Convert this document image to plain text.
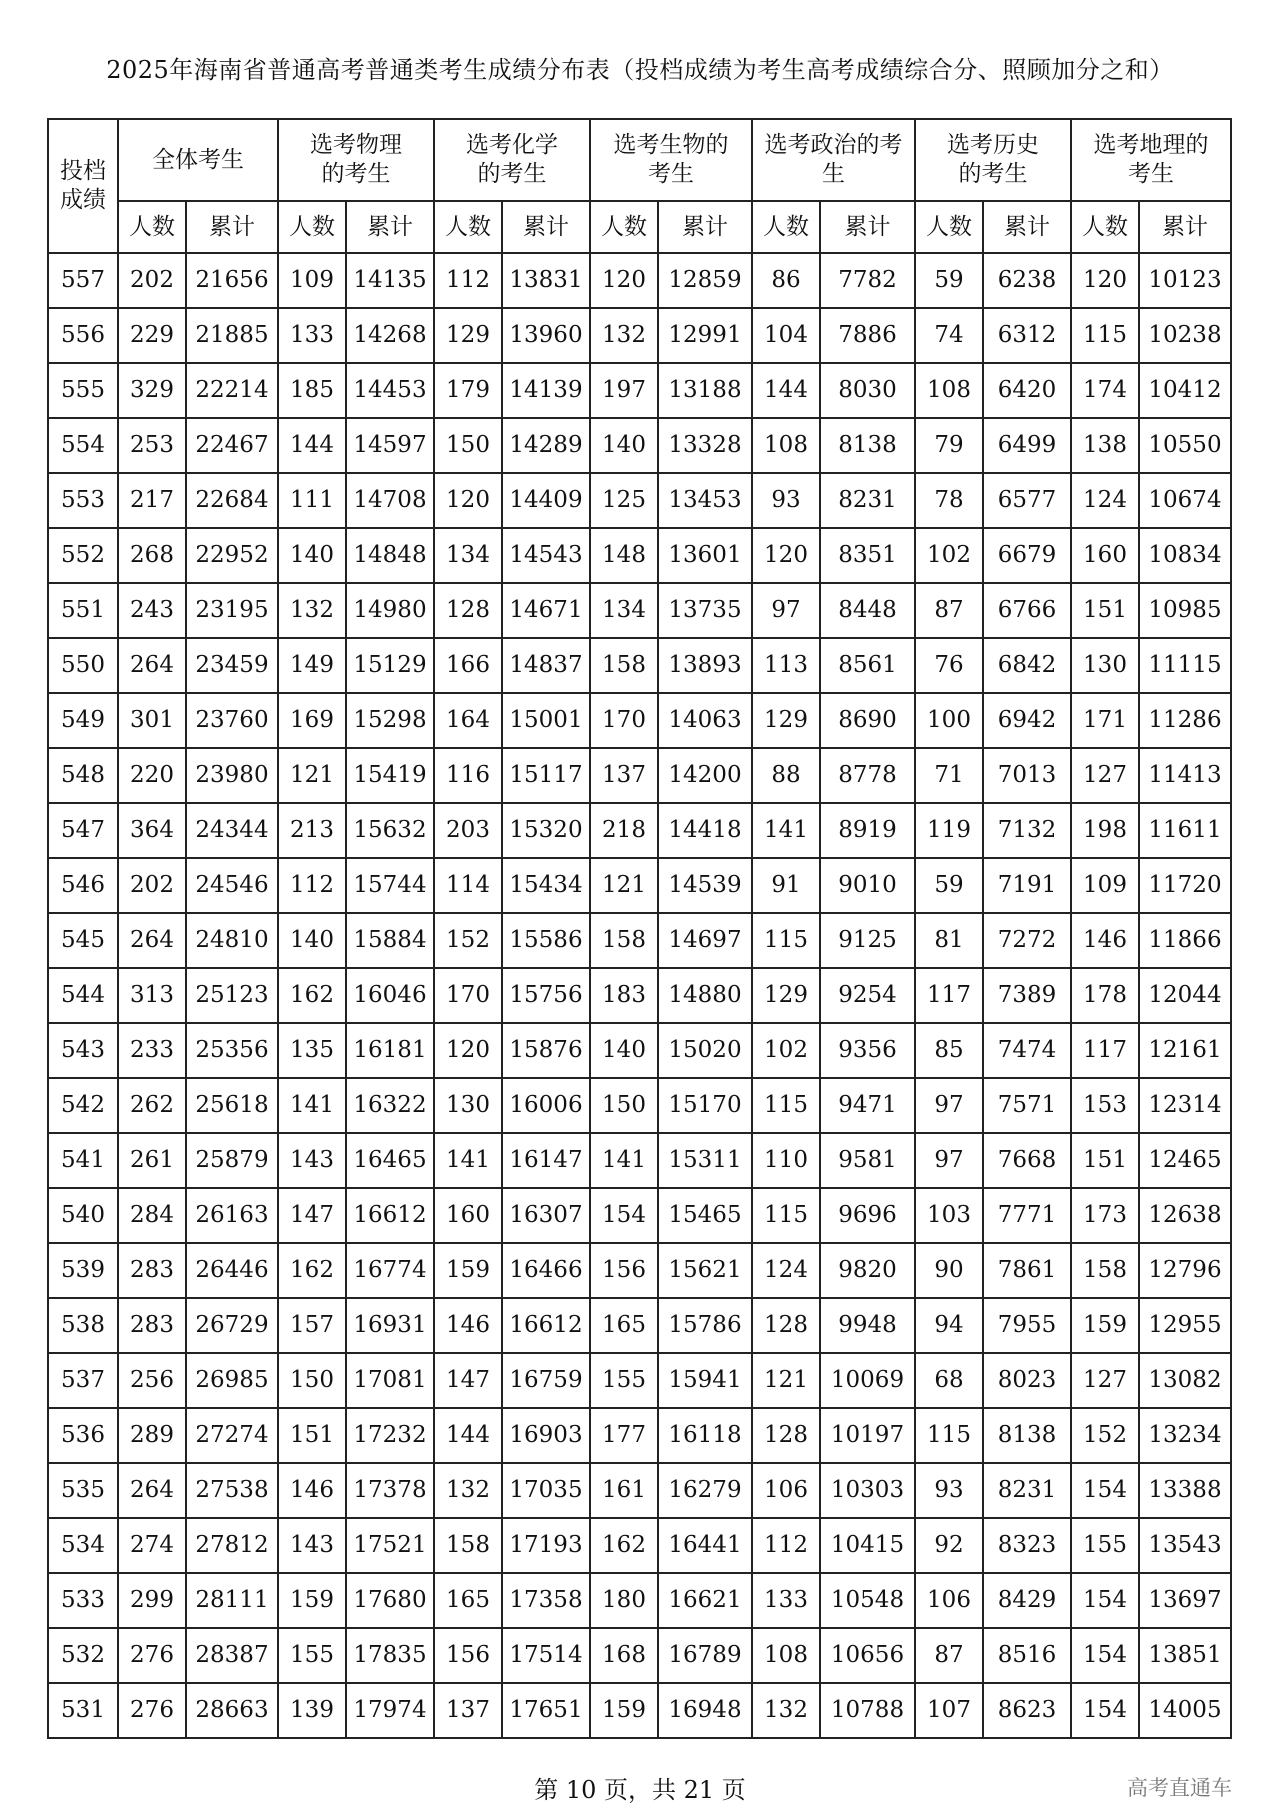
2025年海南省普通高考普通类考生成绩分布表（投档成绩为考生高考成绩综合分、照顾加分之和）
投档成绩	全体考生		选考物理的考生		选考化学的考生		选考生物的考生		选考政治的考生		选考历史的考生		选考地理的考生	
	人数	累计	人数	累计	人数	累计	人数	累计	人数	累计	人数	累计	人数	累计
557	202	21656	109	14135	112	13831	120	12859	86	7782	59	6238	120	10123
556	229	21885	133	14268	129	13960	132	12991	104	7886	74	6312	115	10238
555	329	22214	185	14453	179	14139	197	13188	144	8030	108	6420	174	10412
554	253	22467	144	14597	150	14289	140	13328	108	8138	79	6499	138	10550
553	217	22684	111	14708	120	14409	125	13453	93	8231	78	6577	124	10674
552	268	22952	140	14848	134	14543	148	13601	120	8351	102	6679	160	10834
551	243	23195	132	14980	128	14671	134	13735	97	8448	87	6766	151	10985
550	264	23459	149	15129	166	14837	158	13893	113	8561	76	6842	130	11115
549	301	23760	169	15298	164	15001	170	14063	129	8690	100	6942	171	11286
548	220	23980	121	15419	116	15117	137	14200	88	8778	71	7013	127	11413
547	364	24344	213	15632	203	15320	218	14418	141	8919	119	7132	198	11611
546	202	24546	112	15744	114	15434	121	14539	91	9010	59	7191	109	11720
545	264	24810	140	15884	152	15586	158	14697	115	9125	81	7272	146	11866
544	313	25123	162	16046	170	15756	183	14880	129	9254	117	7389	178	12044
543	233	25356	135	16181	120	15876	140	15020	102	9356	85	7474	117	12161
542	262	25618	141	16322	130	16006	150	15170	115	9471	97	7571	153	12314
541	261	25879	143	16465	141	16147	141	15311	110	9581	97	7668	151	12465
540	284	26163	147	16612	160	16307	154	15465	115	9696	103	7771	173	12638
539	283	26446	162	16774	159	16466	156	15621	124	9820	90	7861	158	12796
538	283	26729	157	16931	146	16612	165	15786	128	9948	94	7955	159	12955
537	256	26985	150	17081	147	16759	155	15941	121	10069	68	8023	127	13082
536	289	27274	151	17232	144	16903	177	16118	128	10197	115	8138	152	13234
535	264	27538	146	17378	132	17035	161	16279	106	10303	93	8231	154	13388
534	274	27812	143	17521	158	17193	162	16441	112	10415	92	8323	155	13543
533	299	28111	159	17680	165	17358	180	16621	133	10548	106	8429	154	13697
532	276	28387	155	17835	156	17514	168	16789	108	10656	87	8516	154	13851
531	276	28663	139	17974	137	17651	159	16948	132	10788	107	8623	154	14005
第 10 页，共 21 页	高考直通车
